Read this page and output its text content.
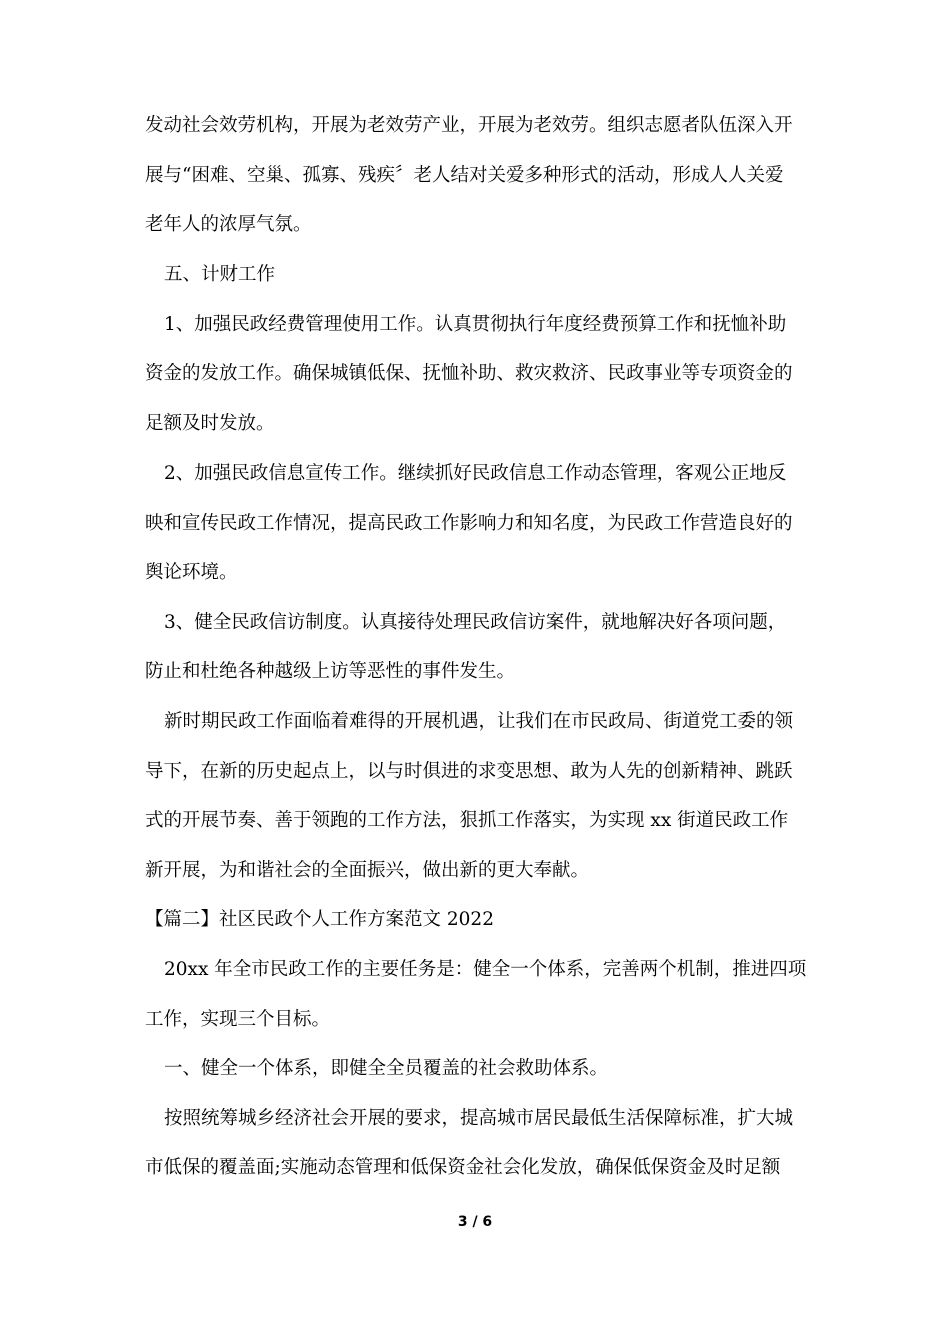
发动社会效劳机构，开展为老效劳产业，开展为老效劳。组织志愿者队伍深入开
展与“困难、空巢、孤寡、残疾〞老人结对关爱多种形式的活动，形成人人关爱
老年人的浓厚气氛。
五、计财工作
1、加强民政经费管理使用工作。认真贯彻执行年度经费预算工作和抚恤补助
资金的发放工作。确保城镇低保、抚恤补助、救灾救济、民政事业等专项资金的
足额及时发放。
2、加强民政信息宣传工作。继续抓好民政信息工作动态管理，客观公正地反
映和宣传民政工作情况，提高民政工作影响力和知名度，为民政工作营造良好的
舆论环境。
3、健全民政信访制度。认真接待处理民政信访案件，就地解决好各项问题，
防止和杜绝各种越级上访等恶性的事件发生。
新时期民政工作面临着难得的开展机遇，让我们在市民政局、街道党工委的领
导下，在新的历史起点上，以与时俱进的求变思想、敢为人先的创新精神、跳跃
式的开展节奏、善于领跑的工作方法，狠抓工作落实，为实现 xx 街道民政工作
新开展，为和谐社会的全面振兴，做出新的更大奉献。
【篇二】社区民政个人工作方案范文 2022
20xx 年全市民政工作的主要任务是：健全一个体系，完善两个机制，推进四项
工作，实现三个目标。
一、健全一个体系，即健全全员覆盖的社会救助体系。
按照统筹城乡经济社会开展的要求，提高城市居民最低生活保障标准，扩大城
市低保的覆盖面;实施动态管理和低保资金社会化发放，确保低保资金及时足额
3 / 6
